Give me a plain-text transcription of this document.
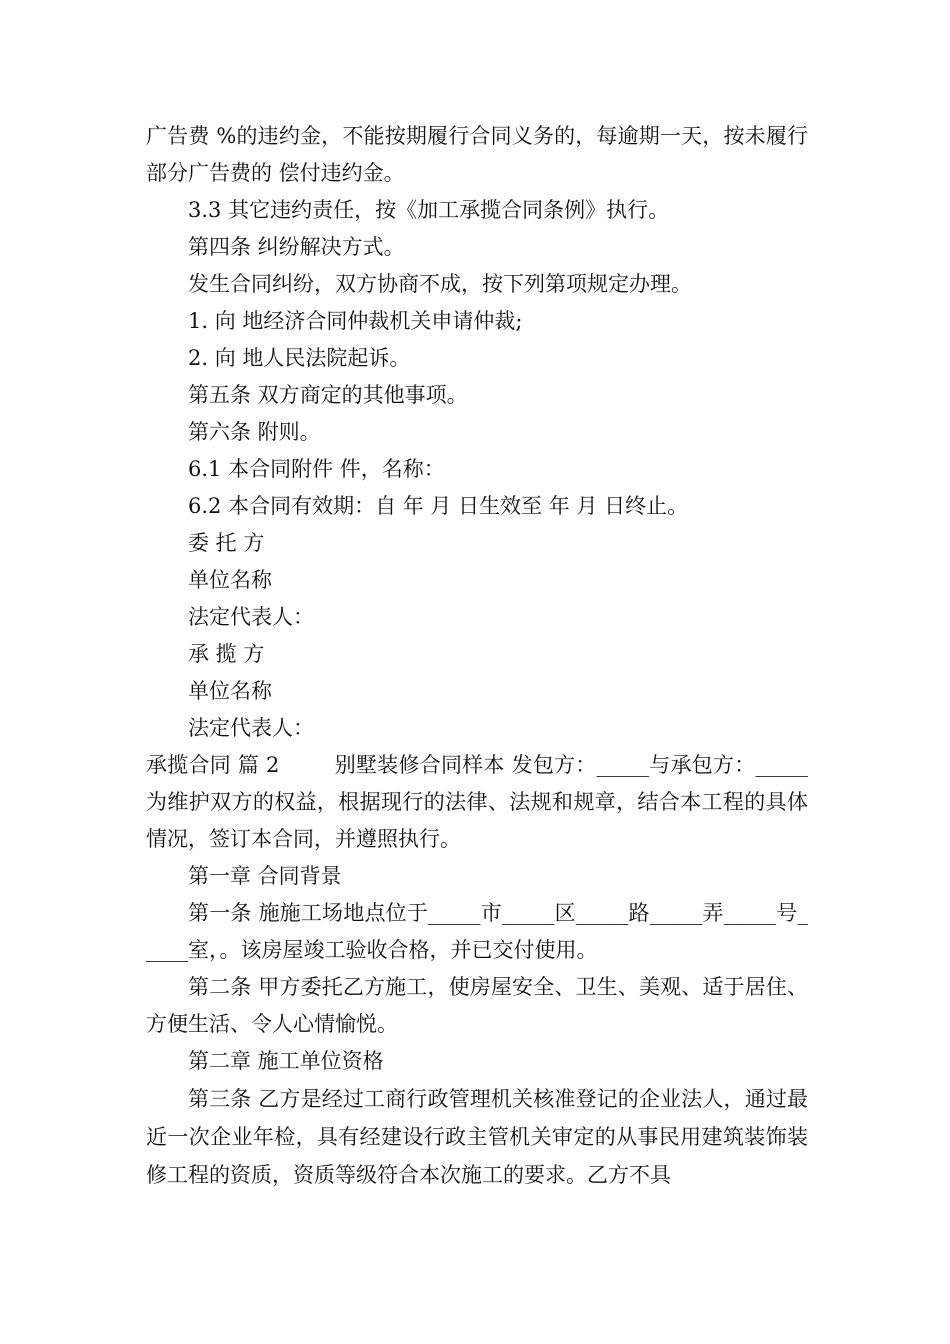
广告费 %的违约金，不能按期履行合同义务的，每逾期一天，按未履行部分广告费的 偿付违约金。

3.3 其它违约责任，按《加工承揽合同条例》执行。

第四条 纠纷解决方式。

发生合同纠纷，双方协商不成，按下列第项规定办理。

1. 向 地经济合同仲裁机关申请仲裁;

2. 向 地人民法院起诉。

第五条 双方商定的其他事项。

第六条 附则。

6.1 本合同附件 件，名称：

6.2 本合同有效期：自 年 月 日生效至 年 月 日终止。

委 托 方

单位名称

法定代表人：

承 揽 方

单位名称

法定代表人：

承揽合同 篇 2        别墅装修合同样本 发包方：_____与承包方：_____为维护双方的权益，根据现行的法律、法规和规章，结合本工程的具体情况，签订本合同，并遵照执行。

第一章 合同背景

第一条 施施工场地点位于_____市_____区_____路_____弄_____号_____室，。该房屋竣工验收合格，并已交付使用。

第二条 甲方委托乙方施工，使房屋安全、卫生、美观、适于居住、方便生活、令人心情愉悦。

第二章 施工单位资格

第三条 乙方是经过工商行政管理机关核准登记的企业法人，通过最近一次企业年检，具有经建设行政主管机关审定的从事民用建筑装饰装修工程的资质，资质等级符合本次施工的要求。乙方不具
